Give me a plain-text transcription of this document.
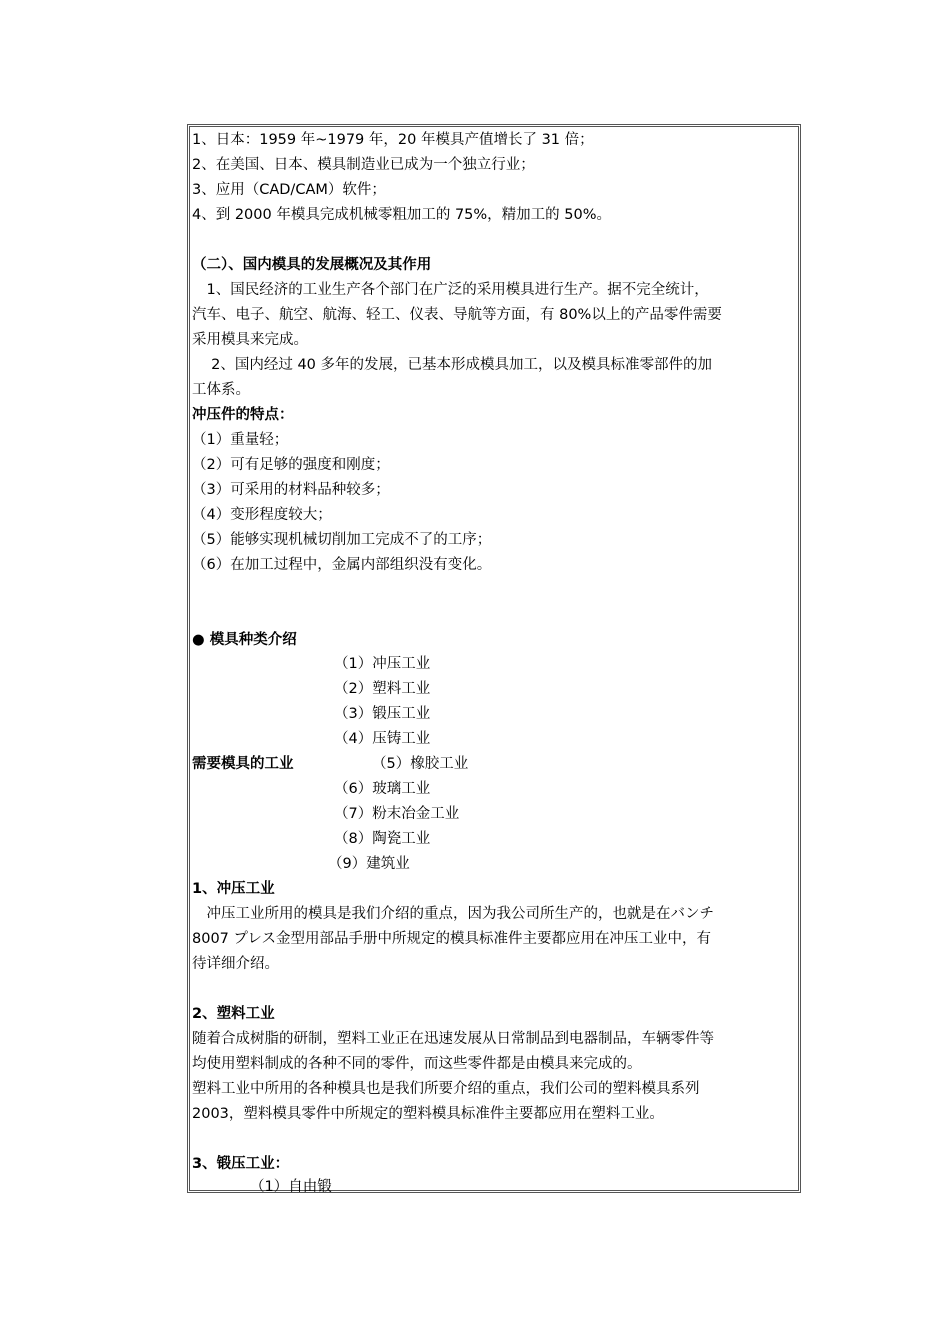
1、日本：1959 年~1979 年，20 年模具产值增长了 31 倍；
2、在美国、日本、模具制造业已成为一个独立行业；
3、应用（CAD/CAM）软件；
4、到 2000 年模具完成机械零粗加工的 75%，精加工的 50%。
（二）、国内模具的发展概况及其作用
　1、国民经济的工业生产各个部门在广泛的采用模具进行生产。据不完全统计，
汽车、电子、航空、航海、轻工、仪表、导航等方面，有 80%以上的产品零件需要
采用模具来完成。
　 2、国内经过 40 多年的发展，已基本形成模具加工，以及模具标准零部件的加
工体系。
冲压件的特点：
（1）重量轻；
（2）可有足够的强度和刚度；
（3）可采用的材料品种较多；
（4）变形程度较大；
（5）能够实现机械切削加工完成不了的工序；
（6）在加工过程中，金属内部组织没有变化。
● 模具种类介绍
（1）冲压工业
（2）塑料工业
（3）锻压工业
（4）压铸工业
需要模具的工业	（5）橡胶工业
（6）玻璃工业
（7）粉末冶金工业
（8）陶瓷工业
（9）建筑业
1、冲压工业
　冲压工业所用的模具是我们介绍的重点，因为我公司所生产的，也就是在バンチ
8007 プレス金型用部品手册中所规定的模具标准件主要都应用在冲压工业中，有
待详细介绍。
2、塑料工业
随着合成树脂的研制，塑料工业正在迅速发展从日常制品到电器制品，车辆零件等
均使用塑料制成的各种不同的零件，而这些零件都是由模具来完成的。
塑料工业中所用的各种模具也是我们所要介绍的重点，我们公司的塑料模具系列
2003，塑料模具零件中所规定的塑料模具标准件主要都应用在塑料工业。
3、锻压工业：
（1）自由锻
